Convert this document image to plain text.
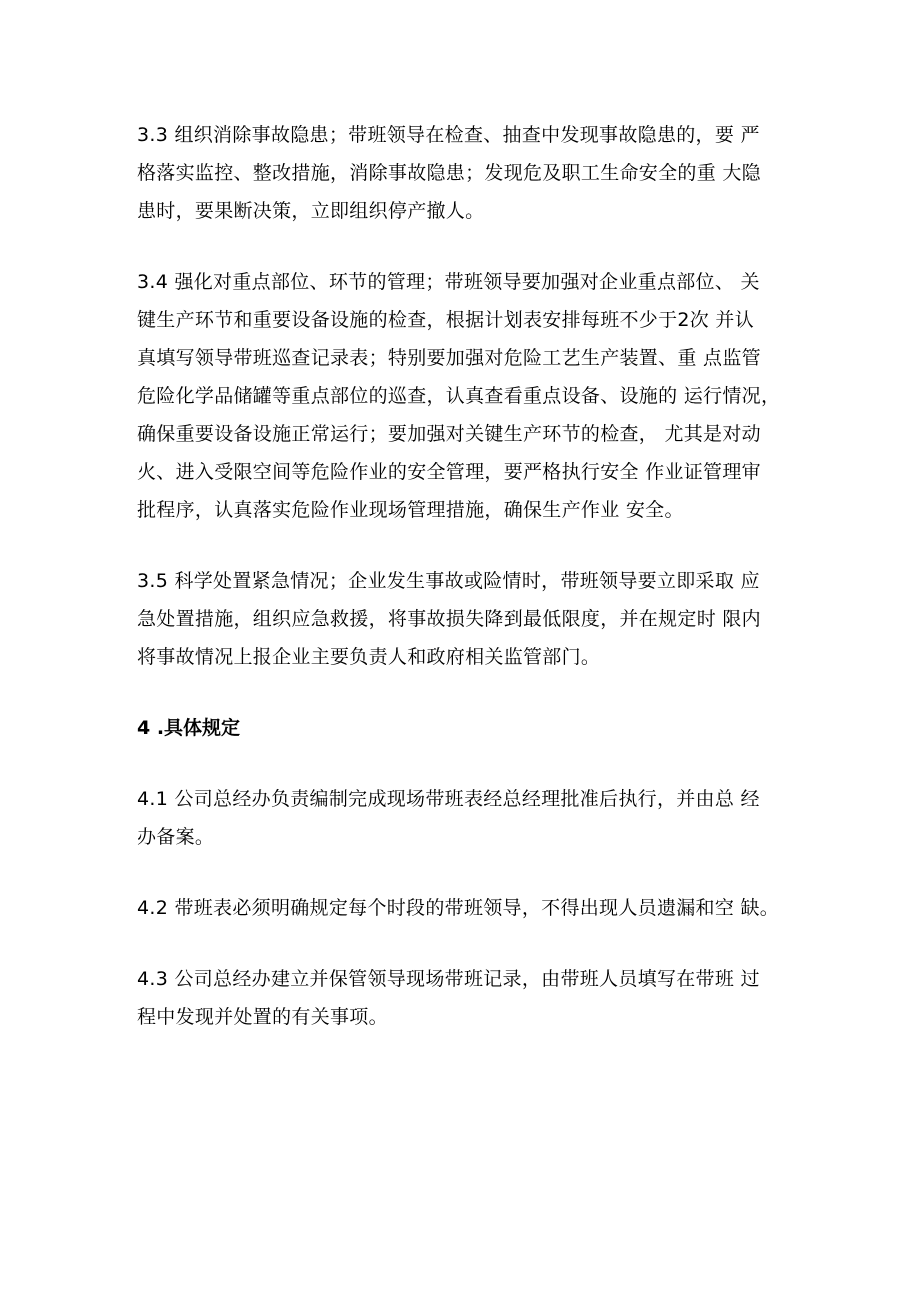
3.3 组织消除事故隐患；带班领导在检查、抽查中发现事故隐患的，要 严
格落实监控、整改措施，消除事故隐患；发现危及职工生命安全的重 大隐
患时，要果断决策，立即组织停产撤人。
3.4 强化对重点部位、环节的管理；带班领导要加强对企业重点部位、 关
键生产环节和重要设备设施的检查，根据计划表安排每班不少于2次 并认
真填写领导带班巡查记录表；特别要加强对危险工艺生产装置、重 点监管
危险化学品储罐等重点部位的巡查，认真查看重点设备、设施的 运行情况，
确保重要设备设施正常运行；要加强对关键生产环节的检查， 尤其是对动
火、进入受限空间等危险作业的安全管理，要严格执行安全 作业证管理审
批程序，认真落实危险作业现场管理措施，确保生产作业 安全。
3.5 科学处置紧急情况；企业发生事故或险情时，带班领导要立即采取 应
急处置措施，组织应急救援，将事故损失降到最低限度，并在规定时 限内
将事故情况上报企业主要负责人和政府相关监管部门。
4 .具体规定
4.1 公司总经办负责编制完成现场带班表经总经理批准后执行，并由总 经
办备案。
4.2 带班表必须明确规定每个时段的带班领导，不得出现人员遗漏和空 缺。
4.3 公司总经办建立并保管领导现场带班记录，由带班人员填写在带班 过
程中发现并处置的有关事项。
